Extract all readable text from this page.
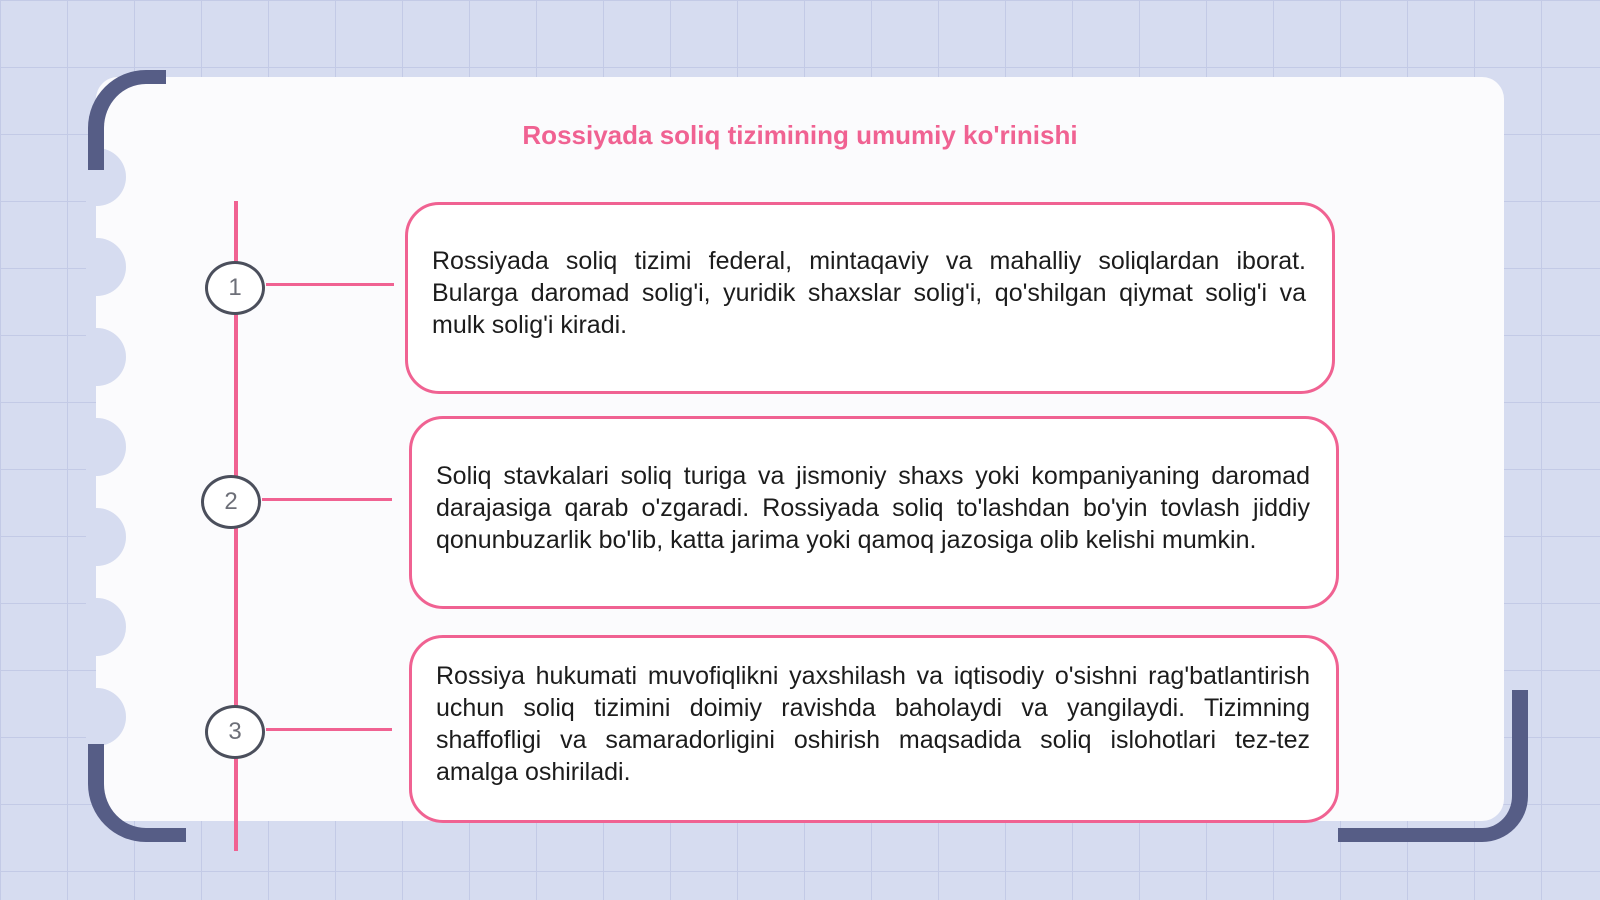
Rossiyada soliq tizimining umumiy ko'rinishi
1
2
3

Rossiyada soliq tizimi federal, mintaqaviy va mahalliy soliqlardan iborat. Bularga daromad solig'i, yuridik shaxslar solig'i, qo'shilgan qiymat solig'i va mulk solig'i kiradi.

Soliq stavkalari soliq turiga va jismoniy shaxs yoki kompaniyaning daromad darajasiga qarab o'zgaradi. Rossiyada soliq to'lashdan bo'yin tovlash jiddiy qonunbuzarlik bo'lib, katta jarima yoki qamoq jazosiga olib kelishi mumkin.

Rossiya hukumati muvofiqlikni yaxshilash va iqtisodiy o'sishni rag'batlantirish uchun soliq tizimini doimiy ravishda baholaydi va yangilaydi. Tizimning shaffofligi va samaradorligini oshirish maqsadida soliq islohotlari tez-tez amalga oshiriladi.
